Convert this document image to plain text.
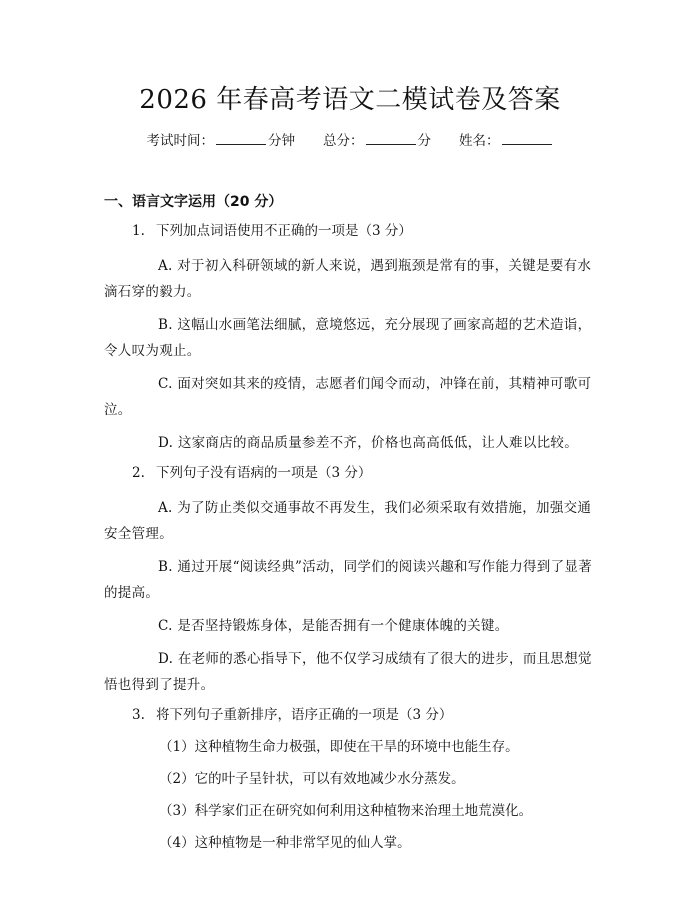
2026 年春高考语文二模试卷及答案
考试时间：	分钟 总分：	分 姓名：
一、语言文字运用（20 分）
1. 下列加点词语使用不正确的一项是（3 分）
A. 对于初入科研领域的新人来说，遇到瓶颈是常有的事，关键是要有水滴石穿的毅力。
B. 这幅山水画笔法细腻，意境悠远，充分展现了画家高超的艺术造诣，令人叹为观止。
C. 面对突如其来的疫情，志愿者们闻令而动，冲锋在前，其精神可歌可泣。
D. 这家商店的商品质量参差不齐，价格也高高低低，让人难以比较。
2. 下列句子没有语病的一项是（3 分）
A. 为了防止类似交通事故不再发生，我们必须采取有效措施，加强交通安全管理。
B. 通过开展“阅读经典”活动，同学们的阅读兴趣和写作能力得到了显著的提高。
C. 是否坚持锻炼身体，是能否拥有一个健康体魄的关键。
D. 在老师的悉心指导下，他不仅学习成绩有了很大的进步，而且思想觉悟也得到了提升。
3. 将下列句子重新排序，语序正确的一项是（3 分）
（1）这种植物生命力极强，即使在干旱的环境中也能生存。
（2）它的叶子呈针状，可以有效地减少水分蒸发。
（3）科学家们正在研究如何利用这种植物来治理土地荒漠化。
（4）这种植物是一种非常罕见的仙人掌。
